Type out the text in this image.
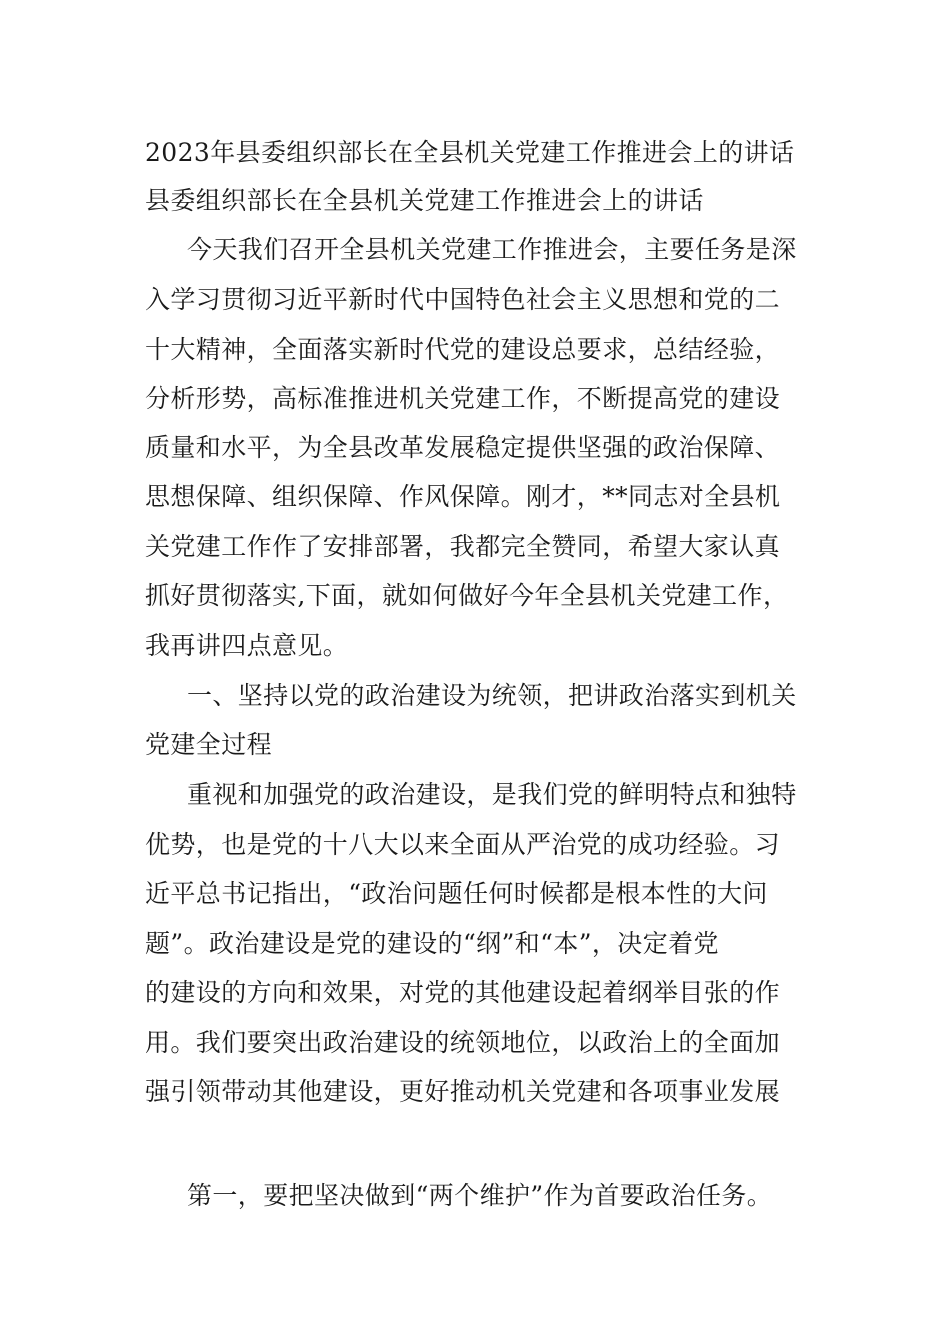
2023年县委组织部长在全县机关党建工作推进会上的讲话
县委组织部长在全县机关党建工作推进会上的讲话
今天我们召开全县机关党建工作推进会，主要任务是深
入学习贯彻习近平新时代中国特色社会主义思想和党的二
十大精神，全面落实新时代党的建设总要求，总结经验，
分析形势，高标准推进机关党建工作，不断提高党的建设
质量和水平，为全县改革发展稳定提供坚强的政治保障、
思想保障、组织保障、作风保障。刚才，**同志对全县机
关党建工作作了安排部署，我都完全赞同，希望大家认真
抓好贯彻落实,下面，就如何做好今年全县机关党建工作，
我再讲四点意见。
一、坚持以党的政治建设为统领，把讲政治落实到机关
党建全过程
重视和加强党的政治建设，是我们党的鲜明特点和独特
优势，也是党的十八大以来全面从严治党的成功经验。习
近平总书记指出，“政治问题任何时候都是根本性的大问
题”。政治建设是党的建设的“纲”和“本”，决定着党
的建设的方向和效果，对党的其他建设起着纲举目张的作
用。我们要突出政治建设的统领地位，以政治上的全面加
强引领带动其他建设，更好推动机关党建和各项事业发展
第一，要把坚决做到“两个维护”作为首要政治任务。
